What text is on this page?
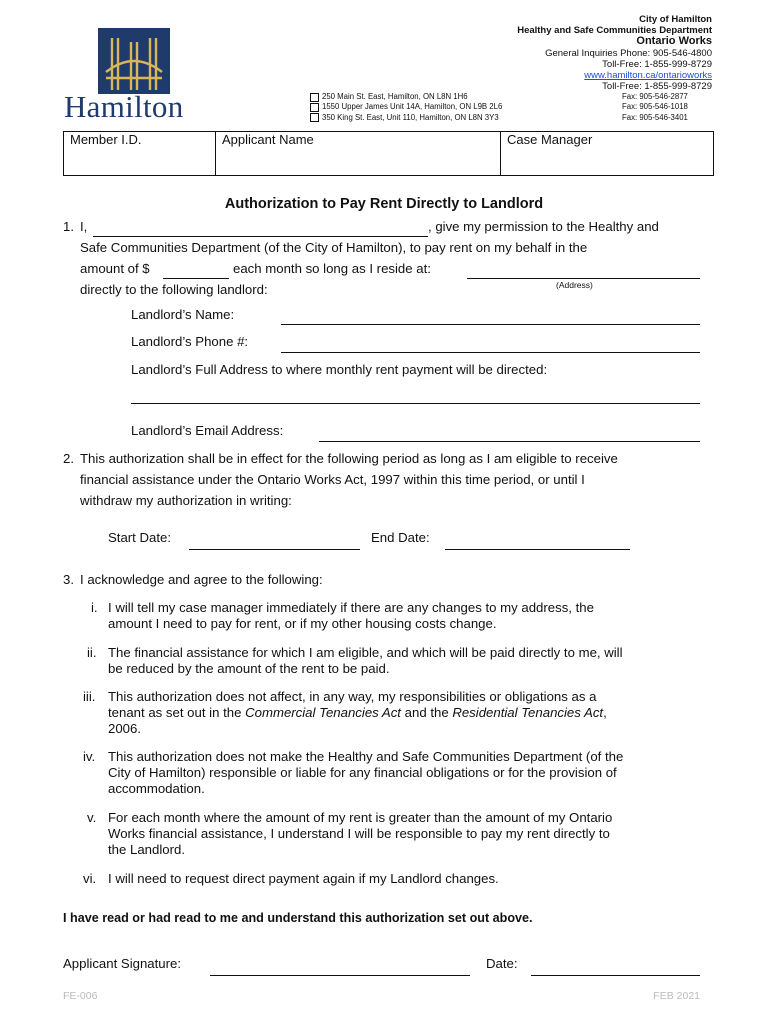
Hamilton
City of Hamilton
Healthy and Safe Communities Department
Ontario Works
General Inquiries Phone: 905-546-4800
Toll-Free: 1-855-999-8729
www.hamilton.ca/ontarioworks
Toll-Free: 1-855-999-8729
250 Main St. East, Hamilton, ON L8N 1H6
1550 Upper James Unit 14A, Hamilton, ON L9B 2L6
350 King St. East, Unit 110, Hamilton, ON L8N 3Y3
Fax: 905-546-2877
Fax: 905-546-1018
Fax: 905-546-3401
Member I.D.	Applicant Name	Case Manager
Authorization to Pay Rent Directly to Landlord
1. I,	, give my permission to the Healthy and
Safe Communities Department (of the City of Hamilton), to pay rent on my behalf in the
amount of $	each month so long as I reside at:
(Address)
directly to the following landlord:
Landlord’s Name:
Landlord’s Phone #:
Landlord’s Full Address to where monthly rent payment will be directed:
Landlord’s Email Address:
2. This authorization shall be in effect for the following period as long as I am eligible to receive
financial assistance under the Ontario Works Act, 1997 within this time period, or until I
withdraw my authorization in writing:
Start Date:	End Date:
3. I acknowledge and agree to the following:
i. I will tell my case manager immediately if there are any changes to my address, the
amount I need to pay for rent, or if my other housing costs change.
ii. The financial assistance for which I am eligible, and which will be paid directly to me, will
be reduced by the amount of the rent to be paid.
iii. This authorization does not affect, in any way, my responsibilities or obligations as a
tenant as set out in the Commercial Tenancies Act and the Residential Tenancies Act,
2006.
iv. This authorization does not make the Healthy and Safe Communities Department (of the
City of Hamilton) responsible or liable for any financial obligations or for the provision of
accommodation.
v. For each month where the amount of my rent is greater than the amount of my Ontario
Works financial assistance, I understand I will be responsible to pay my rent directly to
the Landlord.
vi. I will need to request direct payment again if my Landlord changes.
I have read or had read to me and understand this authorization set out above.
Applicant Signature:	Date:
FE-006	FEB 2021
